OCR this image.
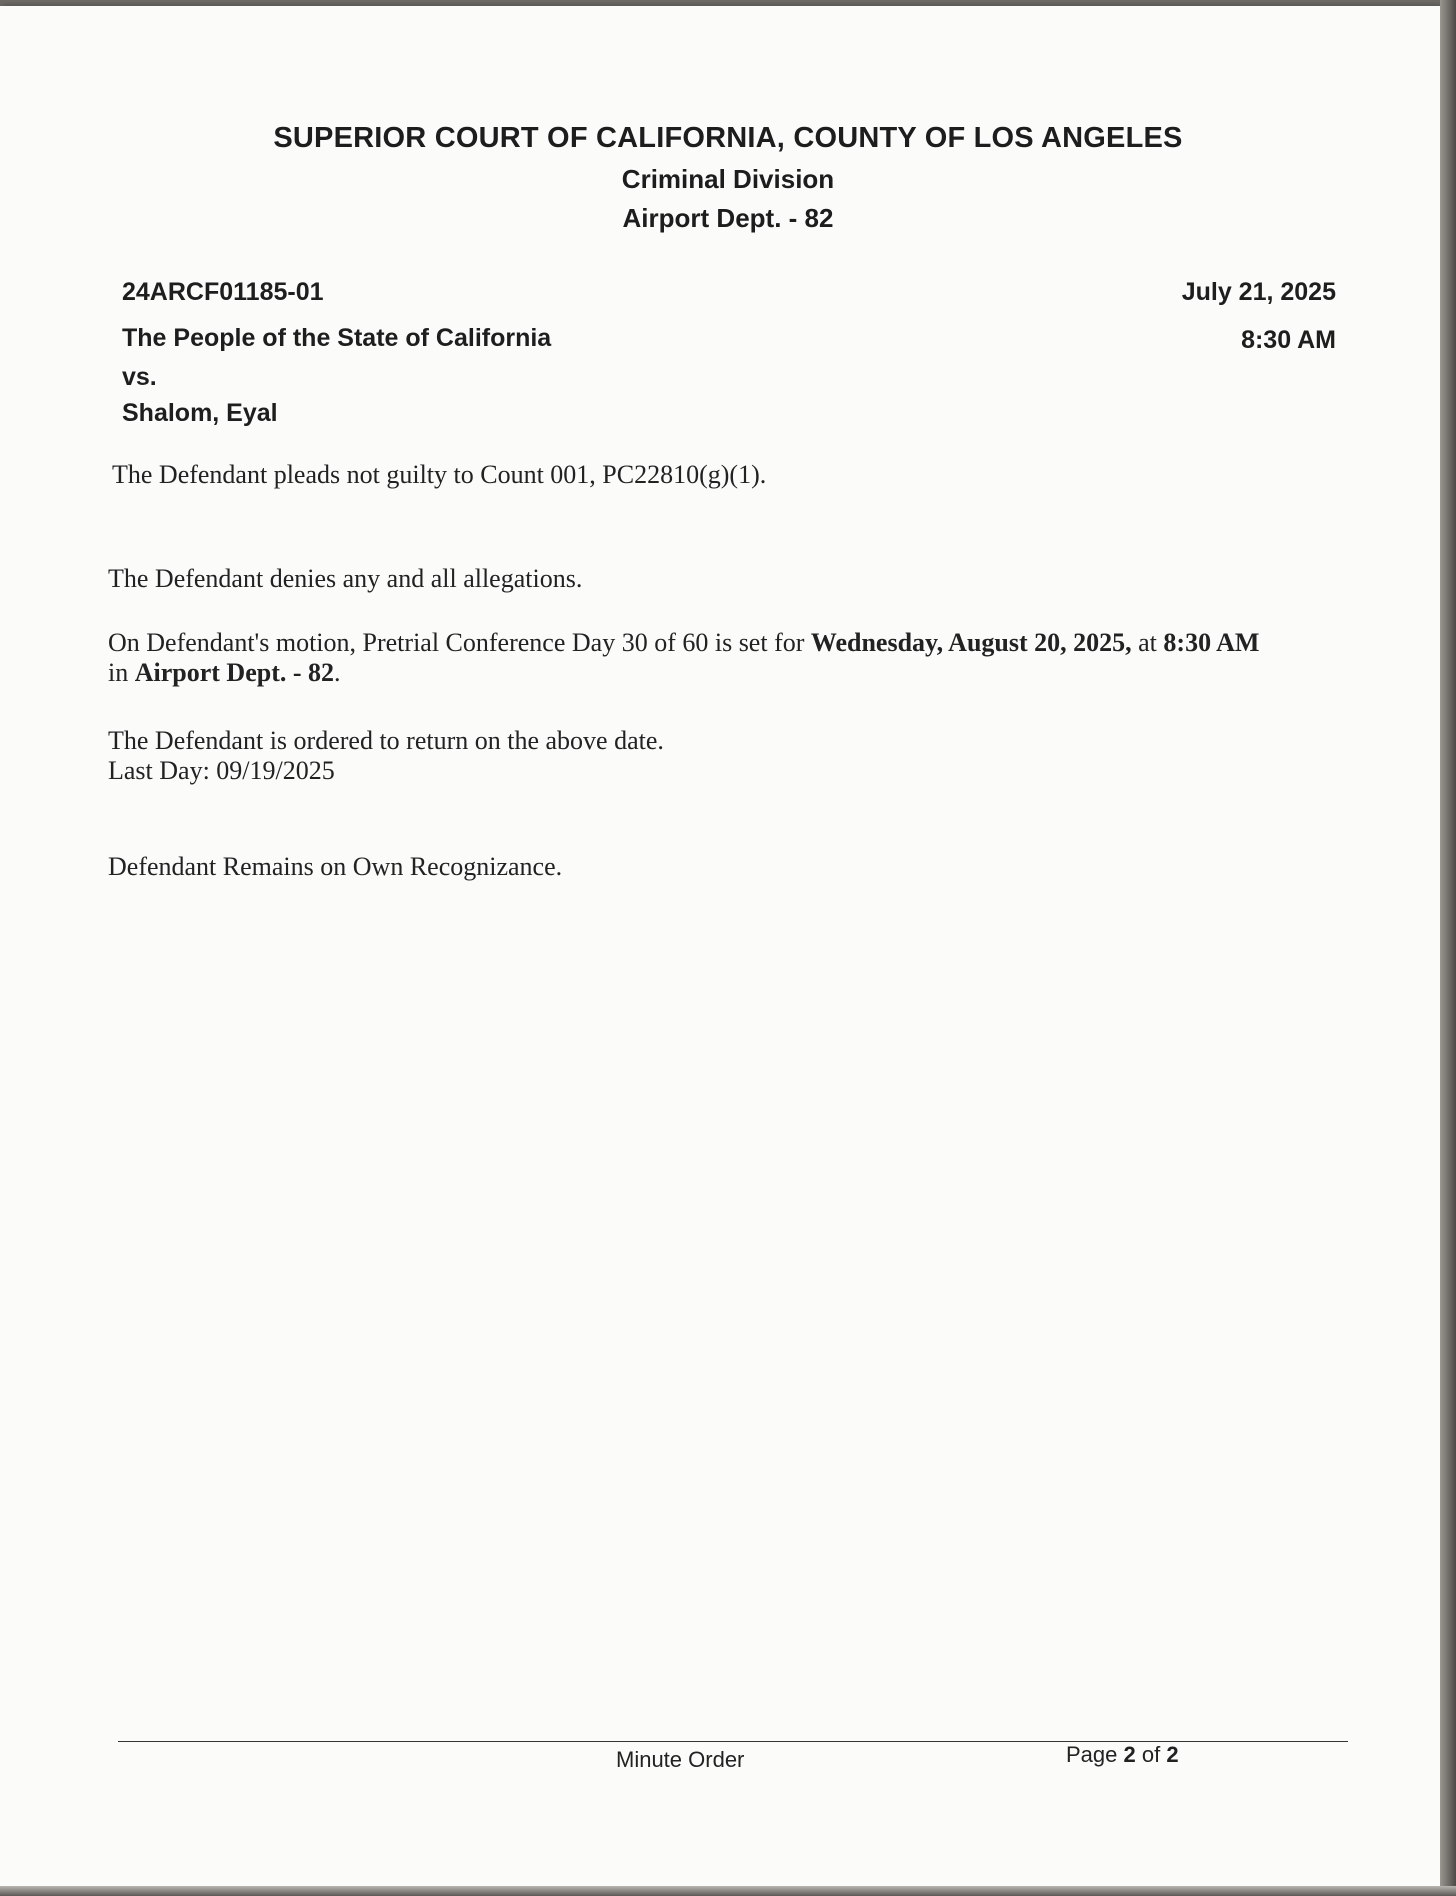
SUPERIOR COURT OF CALIFORNIA, COUNTY OF LOS ANGELES
Criminal Division
Airport Dept. - 82
24ARCF01185-01
The People of the State of California
vs.
Shalom, Eyal
July 21, 2025
8:30 AM
The Defendant pleads not guilty to Count 001, PC22810(g)(1).
The Defendant denies any and all allegations.
On Defendant's motion, Pretrial Conference Day 30 of 60 is set for Wednesday, August 20, 2025, at 8:30 AM
in Airport Dept. - 82.
The Defendant is ordered to return on the above date.
Last Day: 09/19/2025
Defendant Remains on Own Recognizance.
Minute Order	Page 2 of 2
